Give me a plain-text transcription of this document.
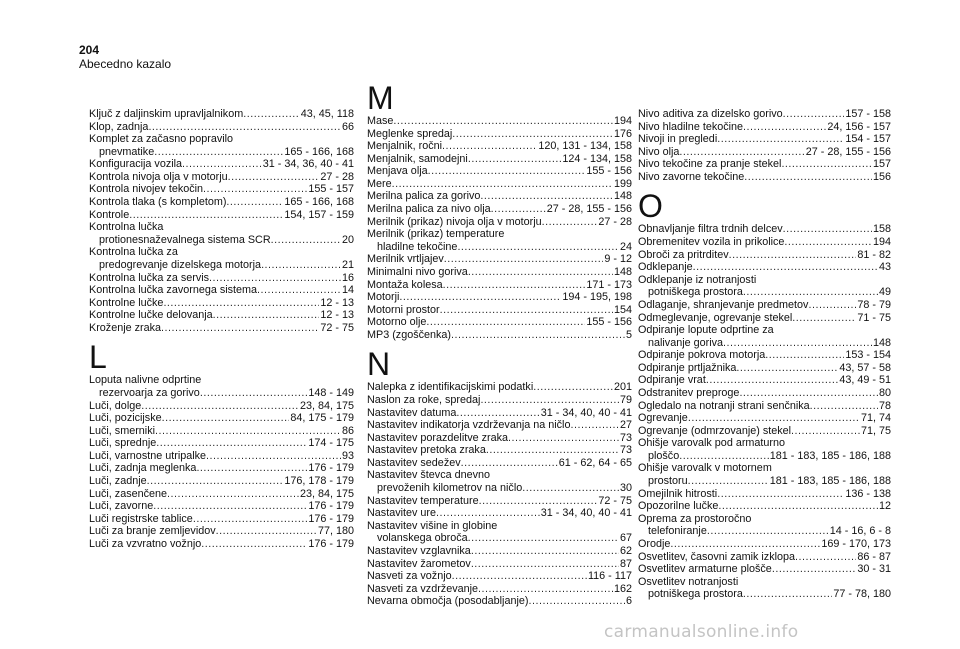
204
Abecedno kazalo
Ključ z daljinskim upravljalnikom .....	43, 45, 118
Klop, zadnja .....	66
Komplet za začasno popravilo
pnevmatike .....	165 - 166, 168
Konfiguracija vozila .....	31 - 34, 36, 40 - 41
Kontrola nivoja olja v motorju .....	27 - 28
Kontrola nivojev tekočin .....	155 - 157
Kontrola tlaka (s kompletom) .....	165 - 166, 168
Kontrole .....	154, 157 - 159
Kontrolna lučka
protionesnaževalnega sistema SCR .....	20
Kontrolna lučka za
predogrevanje dizelskega motorja .....	21
Kontrolna lučka za servis .....	16
Kontrolna lučka zavornega sistema .....	14
Kontrolne lučke .....	12 - 13
Kontrolne lučke delovanja .....	12 - 13
Kroženje zraka .....	72 - 75
L
Loputa nalivne odprtine
rezervoarja za gorivo .....	148 - 149
Luči, dolge .....	23, 84, 175
Luči, pozicijske .....	84, 175 - 179
Luči, smerniki .....	86
Luči, sprednje .....	174 - 175
Luči, varnostne utripalke .....	93
Luči, zadnja meglenka .....	176 - 179
Luči, zadnje .....	176, 178 - 179
Luči, zasenčene .....	23, 84, 175
Luči, zavorne .....	176 - 179
Luči registrske tablice .....	176 - 179
Luči za branje zemljevidov .....	77, 180
Luči za vzvratno vožnjo .....	176 - 179
M
Mase .....	194
Meglenke spredaj .....	176
Menjalnik, ročni .....	120, 131 - 134, 158
Menjalnik, samodejni .....	124 - 134, 158
Menjava olja .....	155 - 156
Mere .....	199
Merilna palica za gorivo .....	148
Merilna palica za nivo olja .....	27 - 28, 155 - 156
Merilnik (prikaz) nivoja olja v motorju .....	27 - 28
Merilnik (prikaz) temperature
hladilne tekočine .....	24
Merilnik vrtljajev .....	9 - 12
Minimalni nivo goriva .....	148
Montaža kolesa .....	171 - 173
Motorji .....	194 - 195, 198
Motorni prostor .....	154
Motorno olje .....	155 - 156
MP3 (zgoščenka) .....	5
N
Nalepka z identifikacijskimi podatki .....	201
Naslon za roke, spredaj .....	79
Nastavitev datuma .....	31 - 34, 40, 40 - 41
Nastavitev indikatorja vzdrževanja na ničlo .....	27
Nastavitev porazdelitve zraka .....	73
Nastavitev pretoka zraka .....	73
Nastavitev sedežev .....	61 - 62, 64 - 65
Nastavitev števca dnevno
prevoženih kilometrov na ničlo .....	30
Nastavitev temperature .....	72 - 75
Nastavitev ure .....	31 - 34, 40, 40 - 41
Nastavitev višine in globine
volanskega obroča .....	67
Nastavitev vzglavnika .....	62
Nastavitev žarometov .....	87
Nasveti za vožnjo .....	116 - 117
Nasveti za vzdrževanje .....	162
Nevarna območja (posodabljanje) .....	6
Nivo aditiva za dizelsko gorivo .....	157 - 158
Nivo hladilne tekočine .....	24, 156 - 157
Nivoji in pregledi .....	154 - 157
Nivo olja .....	27 - 28, 155 - 156
Nivo tekočine za pranje stekel .....	157
Nivo zavorne tekočine .....	156
O
Obnavljanje filtra trdnih delcev .....	158
Obremenitev vozila in prikolice .....	194
Obroči za pritrditev .....	81 - 82
Odklepanje .....	43
Odklepanje iz notranjosti
potniškega prostora .....	49
Odlaganje, shranjevanje predmetov .....	78 - 79
Odmeglevanje, ogrevanje stekel .....	71 - 75
Odpiranje lopute odprtine za
nalivanje goriva .....	148
Odpiranje pokrova motorja .....	153 - 154
Odpiranje prtljažnika .....	43, 57 - 58
Odpiranje vrat .....	43, 49 - 51
Odstranitev preproge .....	80
Ogledalo na notranji strani senčnika .....	78
Ogrevanje .....	71, 74
Ogrevanje (odmrzovanje) stekel .....	71, 75
Ohišje varovalk pod armaturno
ploščo .....	181 - 183, 185 - 186, 188
Ohišje varovalk v motornem
prostoru .....	181 - 183, 185 - 186, 188
Omejilnik hitrosti .....	136 - 138
Opozorilne lučke .....	12
Oprema za prostoročno
telefoniranje .....	14 - 16, 6 - 8
Orodje .....	169 - 170, 173
Osvetlitev, časovni zamik izklopa .....	86 - 87
Osvetlitev armaturne plošče .....	30 - 31
Osvetlitev notranjosti
potniškega prostora .....	77 - 78, 180
carmanualsonline.info
